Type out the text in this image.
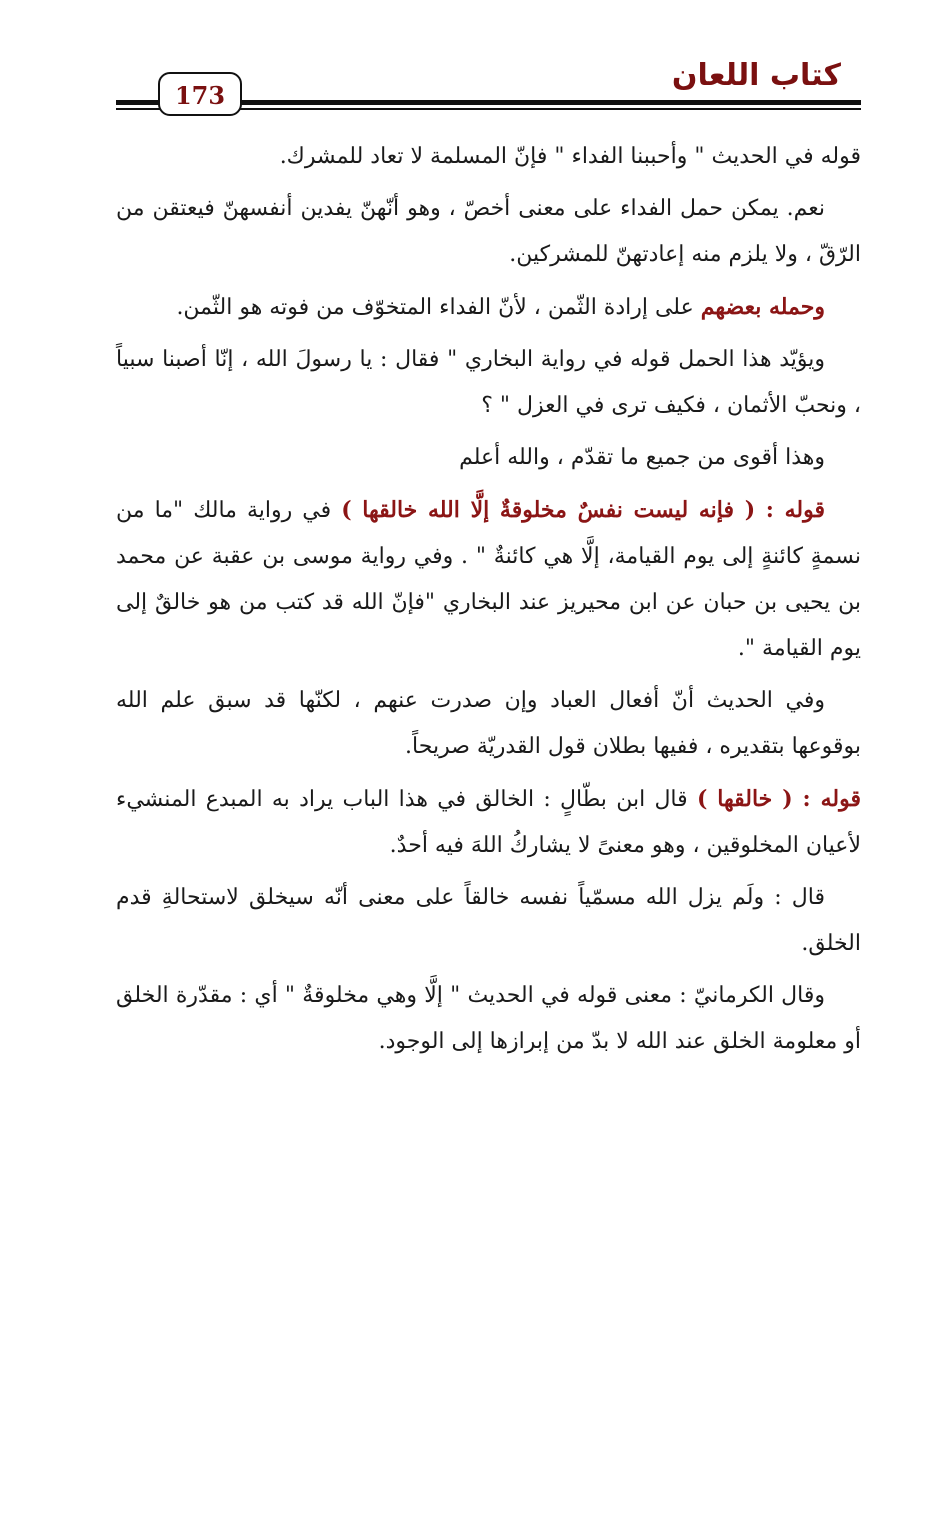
كتاب اللعان
173

قوله في الحديث " وأحببنا الفداء " فإنّ المسلمة لا تعاد للمشرك.

نعم. يمكن حمل الفداء على معنى أخصّ ، وهو أنّهنّ يفدين أنفسهنّ فيعتقن من الرّقّ ، ولا يلزم منه إعادتهنّ للمشركين.

وحمله بعضهم على إرادة الثّمن ، لأنّ الفداء المتخوّف من فوته هو الثّمن.

ويؤيّد هذا الحمل قوله في رواية البخاري " فقال : يا رسولَ الله ، إنّا أصبنا سبياً ، ونحبّ الأثمان ، فكيف ترى في العزل " ؟

وهذا أقوى من جميع ما تقدّم ، والله أعلم

قوله : ( فإنه ليست نفسٌ مخلوقةٌ إلَّا الله خالقها ) في رواية مالك "ما من نسمةٍ كائنةٍ إلى يوم القيامة، إلَّا هي كائنةٌ " . وفي رواية موسى بن عقبة عن محمد بن يحيى بن حبان عن ابن محيريز عند البخاري "فإنّ الله قد كتب من هو خالقٌ إلى يوم القيامة ".

وفي الحديث أنّ أفعال العباد وإن صدرت عنهم ، لكنّها قد سبق علم الله بوقوعها بتقديره ، ففيها بطلان قول القدريّة صريحاً.

قوله : ( خالقها ) قال ابن بطّالٍ : الخالق في هذا الباب يراد به المبدع المنشيء لأعيان المخلوقين ، وهو معنىً لا يشاركُ اللهَ فيه أحدٌ.

قال : ولَم يزل الله مسمّياً نفسه خالقاً على معنى أنّه سيخلق لاستحالةِ قدم الخلق.

وقال الكرمانيّ : معنى قوله في الحديث " إلَّا وهي مخلوقةٌ " أي : مقدّرة الخلق أو معلومة الخلق عند الله لا بدّ من إبرازها إلى الوجود.
